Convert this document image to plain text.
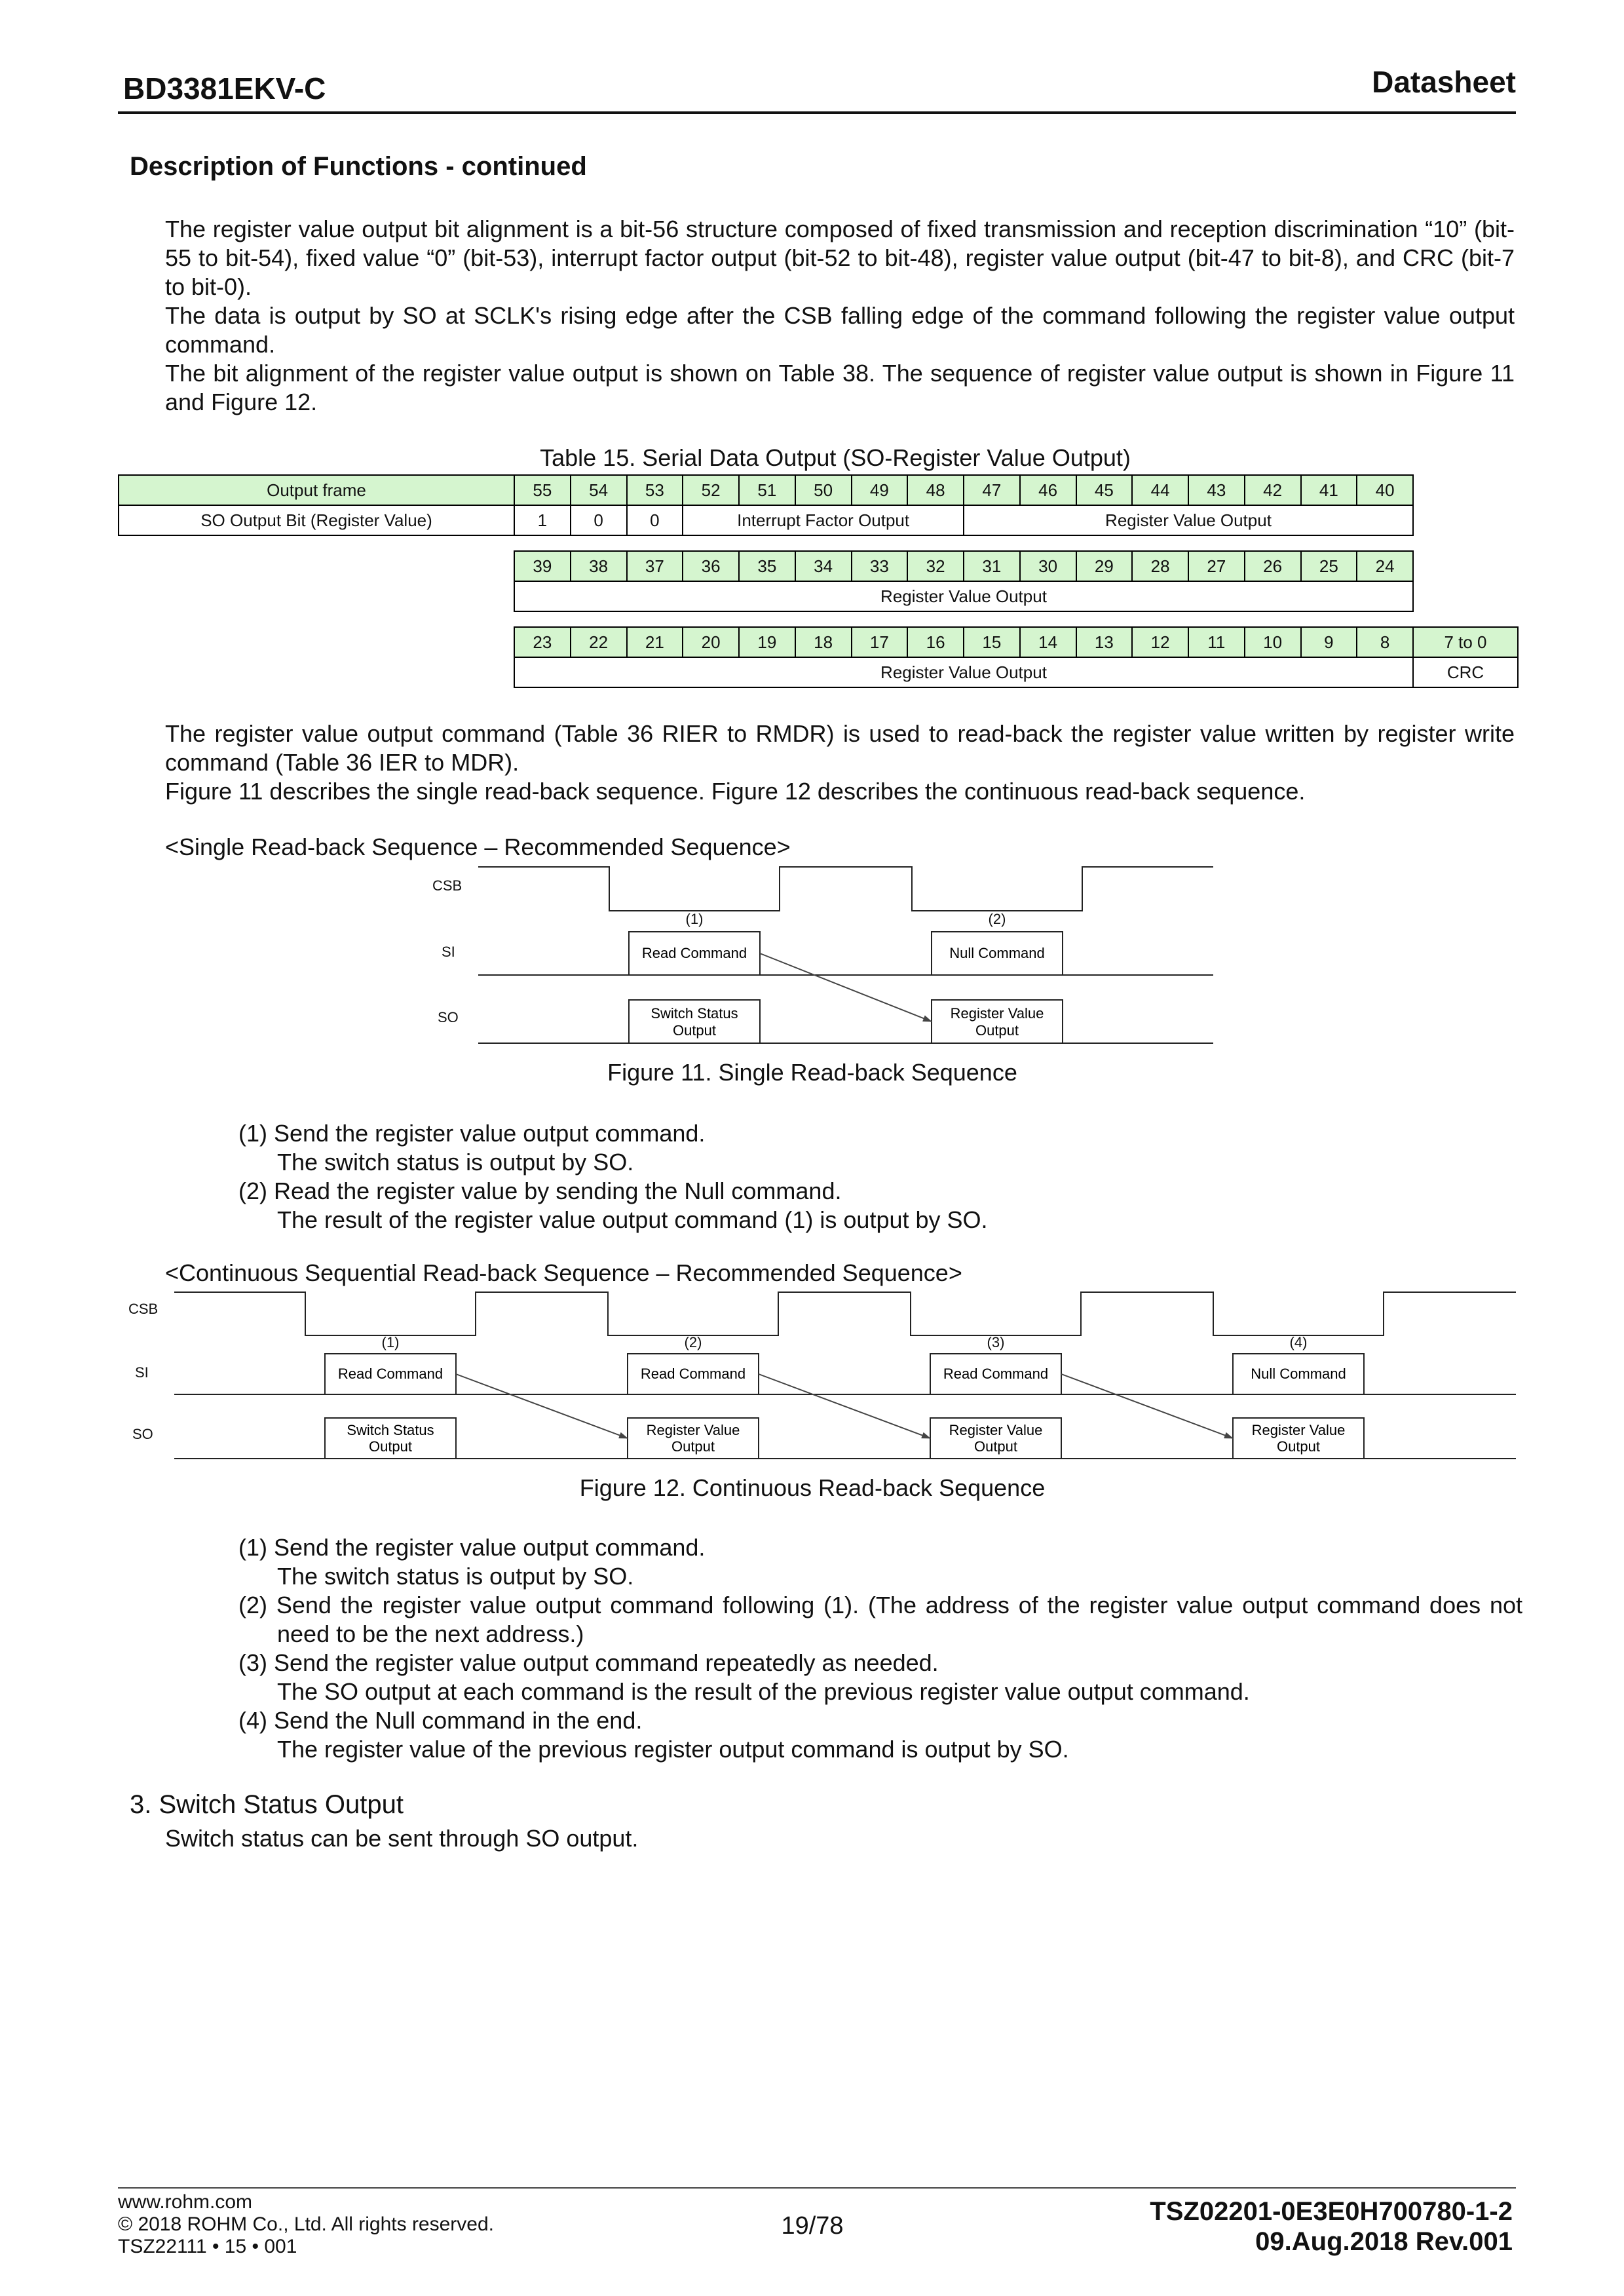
BD3381EKV-C	Datasheet
Description of Functions - continued
The register value output bit alignment is a bit-56 structure composed of fixed transmission and reception discrimination “10” (bit-55 to bit-54), fixed value “0” (bit-53), interrupt factor output (bit-52 to bit-48), register value output (bit-47 to bit-8), and CRC (bit-7 to bit-0).
The data is output by SO at SCLK's rising edge after the CSB falling edge of the command following the register value output command.
The bit alignment of the register value output is shown on Table 38. The sequence of register value output is shown in Figure 11 and Figure 12.
Table 15. Serial Data Output (SO-Register Value Output)
Output frame	55	54	53	52	51	50	49	48	47	46	45	44	43	42	41	40
SO Output Bit (Register Value)	1	0	0	Interrupt Factor Output					Register Value Output							
39	38	37	36	35	34	33	32	31	30	29	28	27	26	25	24
Register Value Output
23	22	21	20	19	18	17	16	15	14	13	12	11	10	9	8	7 to 0
Register Value Output																CRC
The register value output command (Table 36 RIER to RMDR) is used to read-back the register value written by register write command (Table 36 IER to MDR).
Figure 11 describes the single read-back sequence. Figure 12 describes the continuous read-back sequence.
<Single Read-back Sequence – Recommended Sequence>
CSB
SI
SO
(1)	(2)
Read Command	Null Command
Switch Status
Output
Register Value
Output
Figure 11. Single Read-back Sequence
(1) Send the register value output command.
The switch status is output by SO.
(2) Read the register value by sending the Null command.
The result of the register value output command (1) is output by SO.
<Continuous Sequential Read-back Sequence – Recommended Sequence>
CSB
SI
SO
(1)	(2)	(3)	(4)
Read Command	Read Command	Read Command	Null Command
Switch Status
Output
Register Value
Output
Register Value
Output
Register Value
Output
Figure 12. Continuous Read-back Sequence
(1) Send the register value output command.
The switch status is output by SO.
(2) Send the register value output command following (1). (The address of the register value output command does not need to be the next address.)
(3) Send the register value output command repeatedly as needed.
The SO output at each command is the result of the previous register value output command.
(4) Send the Null command in the end.
The register value of the previous register output command is output by SO.
3. Switch Status Output
Switch status can be sent through SO output.
www.rohm.com
© 2018 ROHM Co., Ltd. All rights reserved.
TSZ22111 • 15 • 001
19/78	TSZ02201-0E3E0H700780-1-2
09.Aug.2018 Rev.001
